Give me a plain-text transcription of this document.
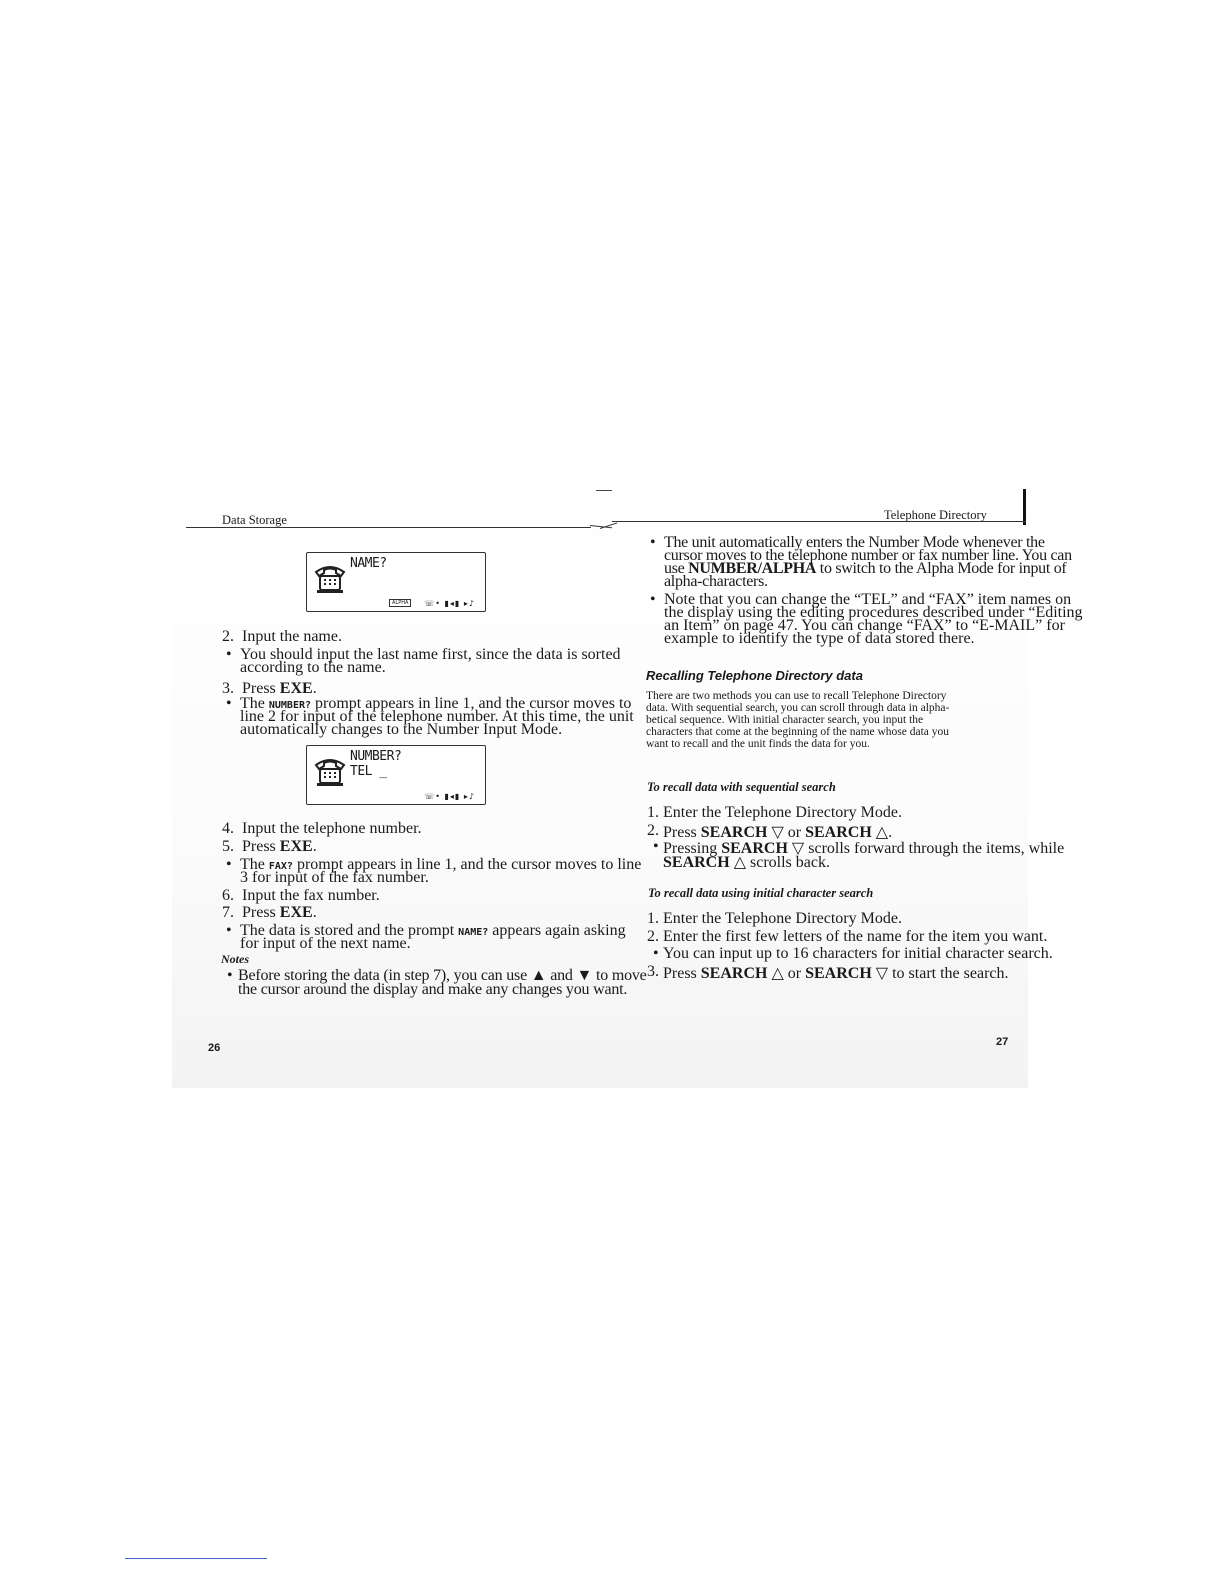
Data Storage
NAME?
ALPHA	☏• ▮◂▮ ▸♪
2. Input the name.
• You should input the last name first, since the data is sorted
according to the name.
3. Press EXE.
• The NUMBER? prompt appears in line 1, and the cursor moves to
line 2 for input of the telephone number. At this time, the unit
automatically changes to the Number Input Mode.
NUMBER?
TEL _
☏• ▮◂▮ ▸♪
4. Input the telephone number.
5. Press EXE.
• The FAX? prompt appears in line 1, and the cursor moves to line
3 for input of the fax number.
6. Input the fax number.
7. Press EXE.
• The data is stored and the prompt NAME? appears again asking
for input of the next name.
Notes
• Before storing the data (in step 7), you can use ▲ and ▼ to move
the cursor around the display and make any changes you want.
26
Telephone Directory
• The unit automatically enters the Number Mode whenever the
cursor moves to the telephone number or fax number line. You can
use NUMBER/ALPHA to switch to the Alpha Mode for input of
alpha-characters.
• Note that you can change the “TEL” and “FAX” item names on
the display using the editing procedures described under “Editing
an Item” on page 47. You can change “FAX” to “E-MAIL” for
example to identify the type of data stored there.
Recalling Telephone Directory data
There are two methods you can use to recall Telephone Directory
data. With sequential search, you can scroll through data in alpha-
betical sequence. With initial character search, you input the
characters that come at the beginning of the name whose data you
want to recall and the unit finds the data for you.
To recall data with sequential search
1. Enter the Telephone Directory Mode.
2. Press SEARCH ▽ or SEARCH △.
• Pressing SEARCH ▽ scrolls forward through the items, while
SEARCH △ scrolls back.
To recall data using initial character search
1. Enter the Telephone Directory Mode.
2. Enter the first few letters of the name for the item you want.
• You can input up to 16 characters for initial character search.
3. Press SEARCH △ or SEARCH ▽ to start the search.
27
